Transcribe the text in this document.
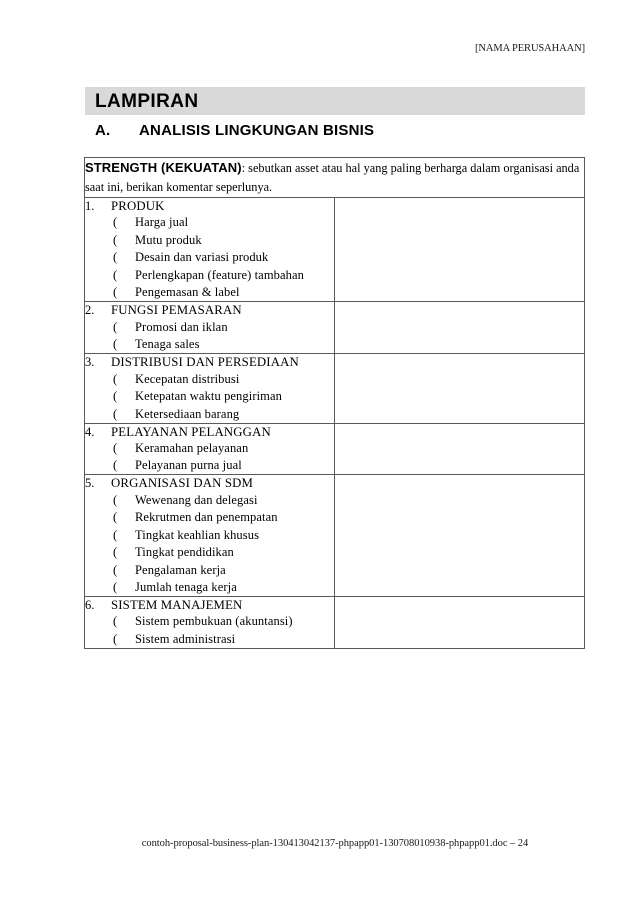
[NAMA PERUSAHAAN]
LAMPIRAN
A. ANALISIS LINGKUNGAN BISNIS
STRENGTH (KEKUATAN): sebutkan asset atau hal yang paling berharga dalam organisasi anda saat ini, berikan komentar seperlunya.	

1.	PRODUK
(	Harga jual
(	Mutu produk
(	Desain dan variasi produk
(	Perlengkapan (feature) tambahan
(	Pengemasan & label

2.	FUNGSI PEMASARAN
(	Promosi dan iklan
(	Tenaga sales

3.	DISTRIBUSI DAN PERSEDIAAN
(	Kecepatan distribusi
(	Ketepatan waktu pengiriman
(	Ketersediaan barang

4.	PELAYANAN PELANGGAN
(	Keramahan pelayanan
(	Pelayanan purna jual

5.	ORGANISASI DAN SDM
(	Wewenang dan delegasi
(	Rekrutmen dan penempatan
(	Tingkat keahlian khusus
(	Tingkat pendidikan
(	Pengalaman kerja
(	Jumlah tenaga kerja

6.	SISTEM MANAJEMEN
(	Sistem pembukuan (akuntansi)
(	Sistem administrasi

contoh-proposal-business-plan-130413042137-phpapp01-130708010938-phpapp01.doc – 24
